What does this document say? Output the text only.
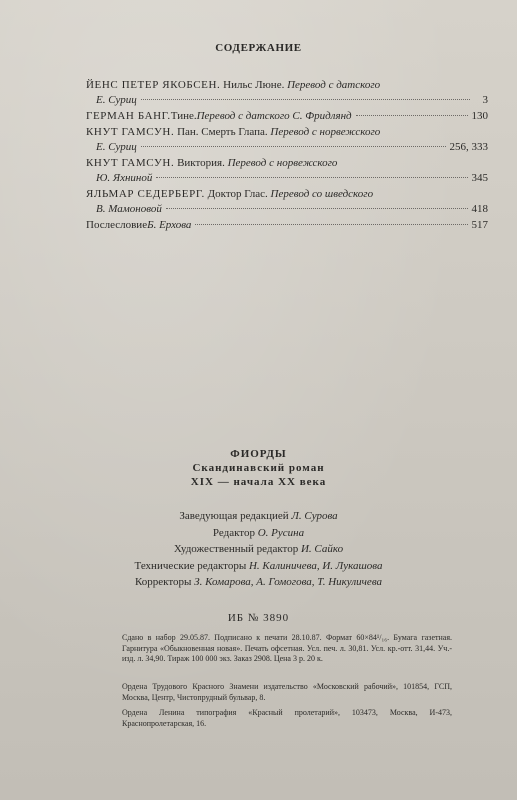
СОДЕРЖАНИЕ
ЙЕНС ПЕТЕР ЯКОБСЕН. Нильс Люне. Перевод с датского
Е. Суриц	3
ГЕРМАН БАНГ. Тине. Перевод с датского С. Фридлянд	130
КНУТ ГАМСУН. Пан. Смерть Глапа. Перевод с норвежского
Е. Суриц	256, 333
КНУТ ГАМСУН. Виктория. Перевод с норвежского
Ю. Яхниной	345
ЯЛЬМАР СЕДЕРБЕРГ. Доктор Глас. Перевод со шведского
В. Мамоновой	418
Послесловие Б. Ерхова	517
ФИОРДЫ
Скандинавский роман
XIX — начала XX века
Заведующая редакцией Л. Сурова
Редактор О. Русина
Художественный редактор И. Сайко
Технические редакторы Н. Калиничева, И. Лукашова
Корректоры З. Комарова, А. Гомогова, Т. Никуличева
ИБ № 3890
Сдано в набор 29.05.87. Подписано к печати 28.10.87. Формат 60×84¹/₁₆. Бумага газетная. Гарнитура «Обыкновенная новая». Печать офсетная. Усл. печ. л. 30,81. Усл. кр.-отт. 31,44. Уч.-изд. л. 34,90. Тираж 100 000 экз. Заказ 2908. Цена 3 р. 20 к.
Ордена Трудового Красного Знамени издательство «Московский рабочий», 101854, ГСП, Москва, Центр, Чистопрудный бульвар, 8.
Ордена Ленина типография «Красный пролетарий», 103473, Москва, И-473, Краснопролетарская, 16.
